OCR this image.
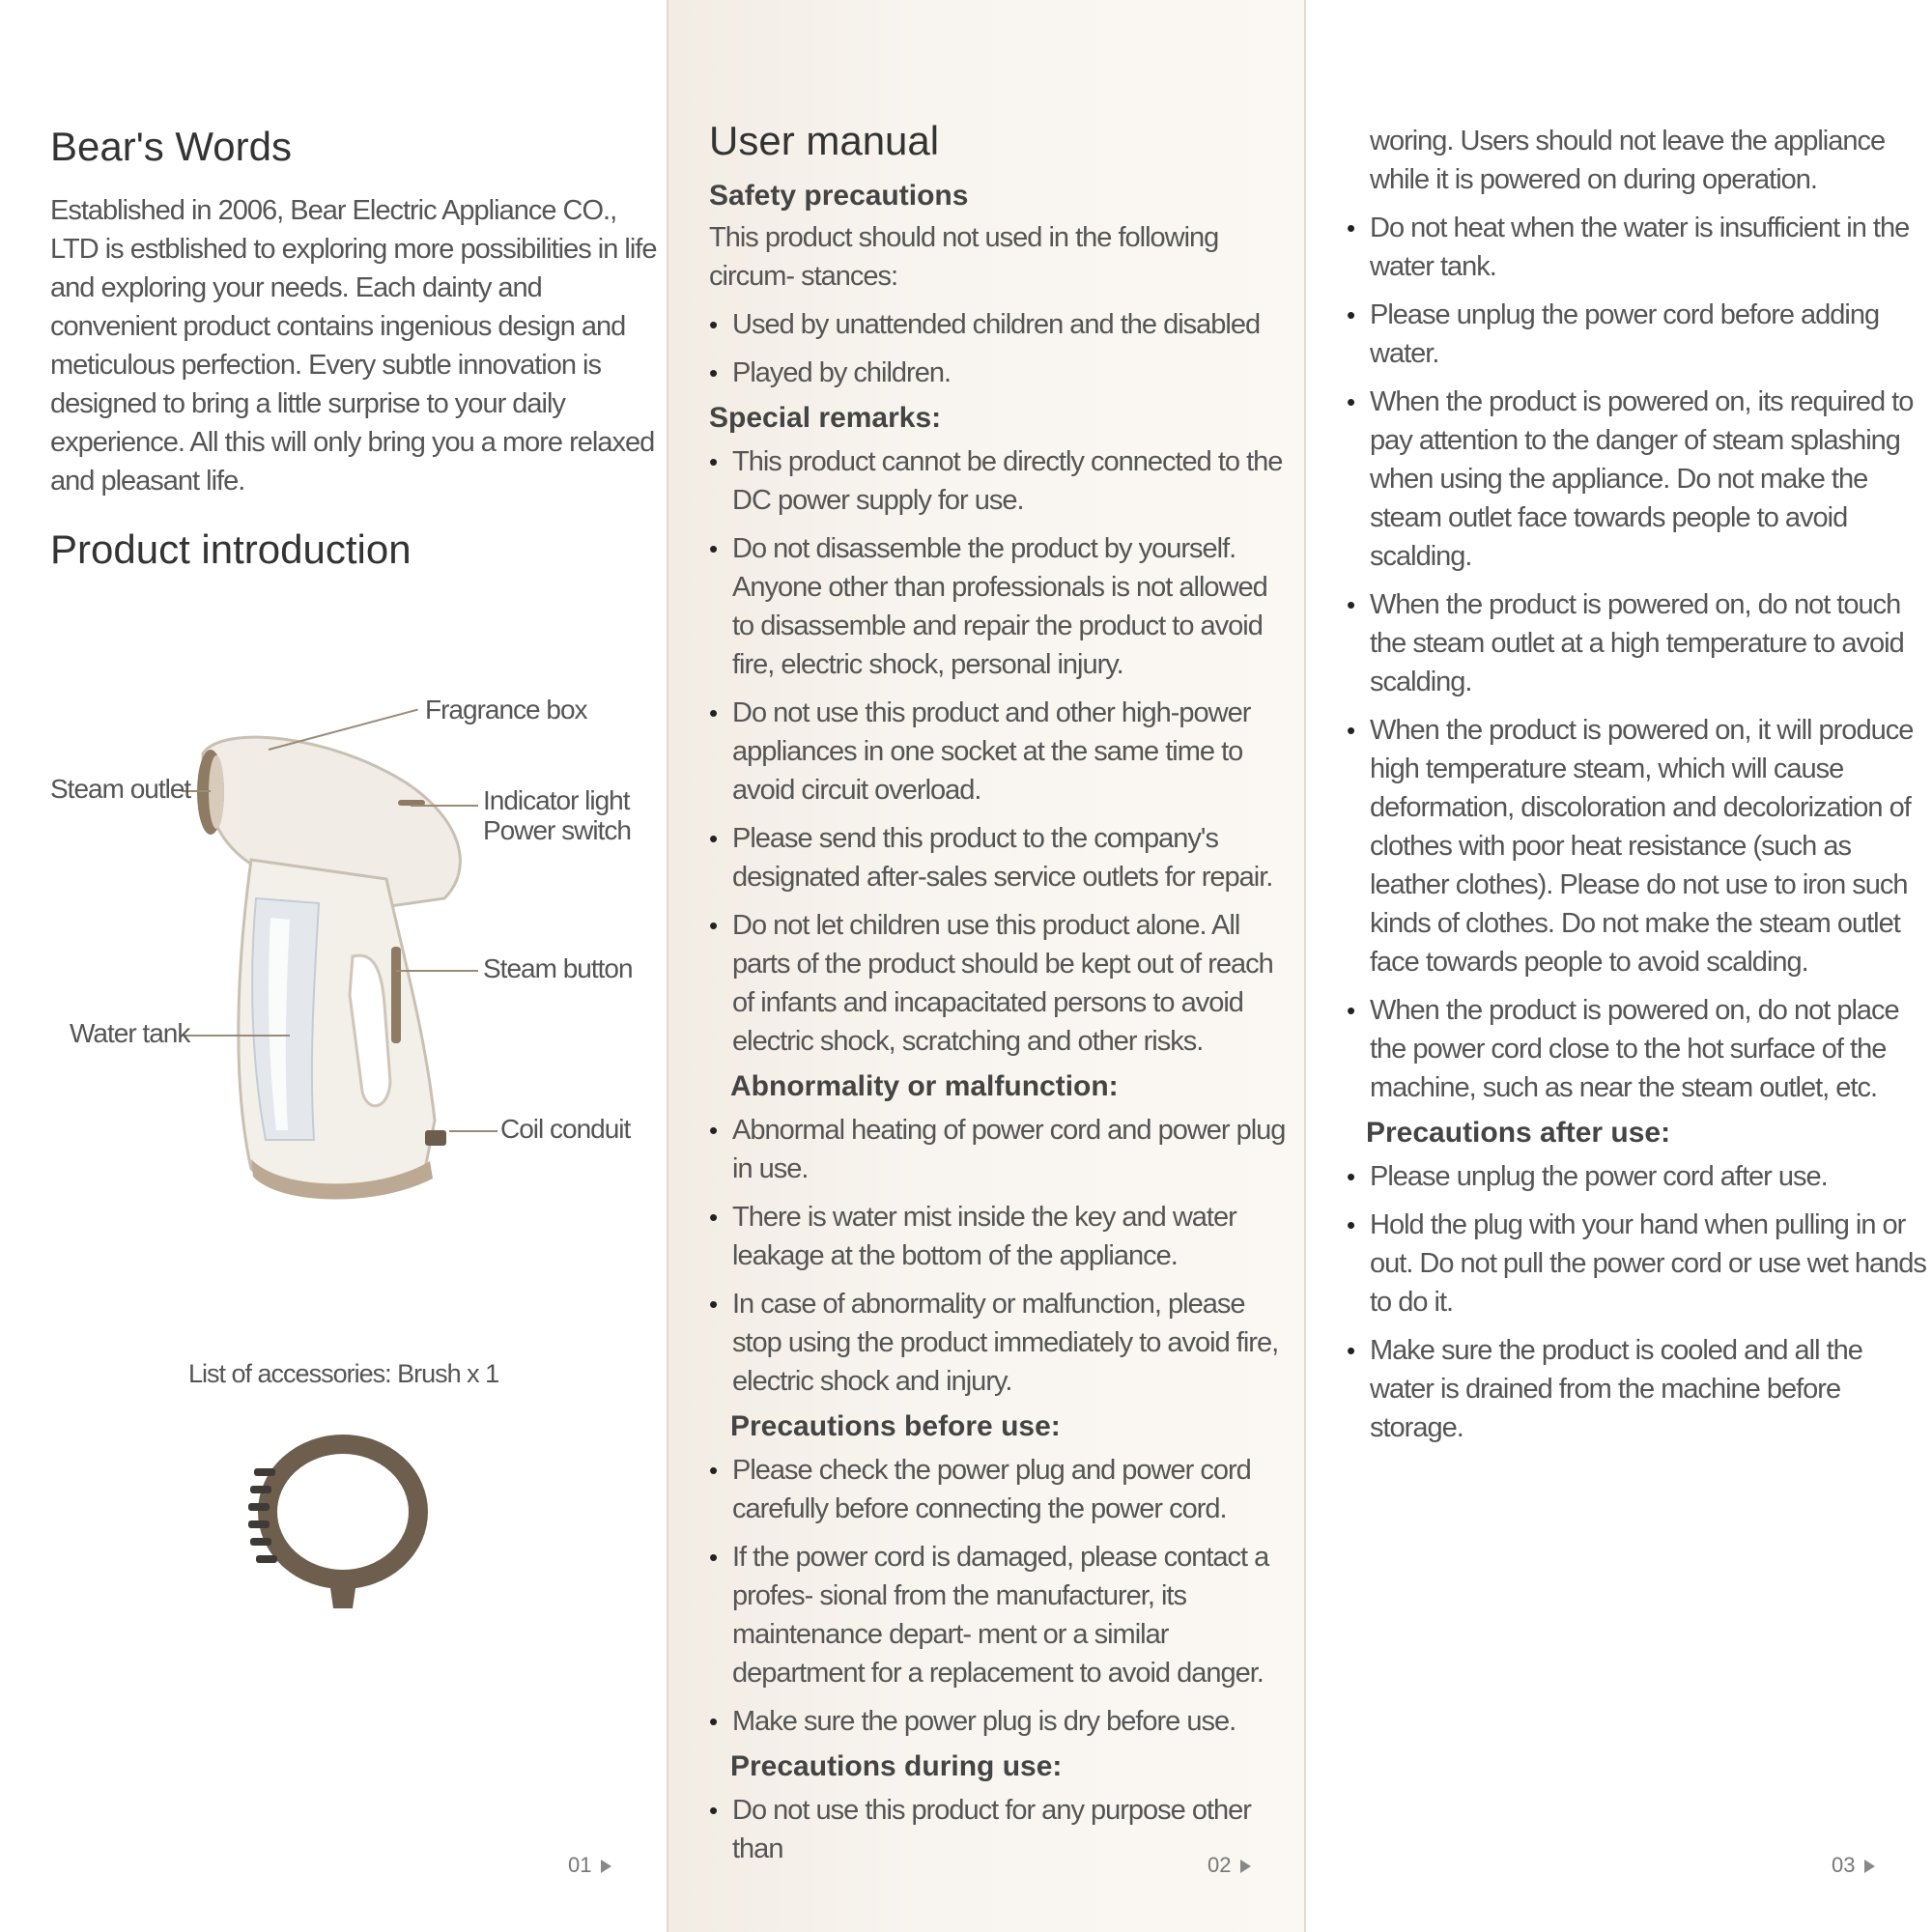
Bear's Words
Established in 2006, Bear Electric Appliance CO., LTD is estblished to exploring more possibilities in life and exploring your needs. Each dainty and convenient product contains ingenious design and meticulous perfection. Every subtle innovation is designed to bring a little surprise to your daily experience. All this will only bring you a more relaxed and pleasant life.
Product introduction
Fragrance box
Steam outlet	Indicator light
Power switch
Steam button
Water tank
Coil conduit
List of accessories: Brush x 1
01
User manual
Safety precautions
This product should not used in the following circum- stances:
• Used by unattended children and the disabled
• Played by children.
Special remarks:
• This product cannot be directly connected to the DC power supply for use.
• Do not disassemble the product by yourself. Anyone other than professionals is not allowed to disassemble and repair the product to avoid fire, electric shock, personal injury.
• Do not use this product and other high-power appliances in one socket at the same time to avoid circuit overload.
• Please send this product to the company's designated after-sales service outlets for repair.
• Do not let children use this product alone. All parts of the product should be kept out of reach of infants and incapacitated persons to avoid electric shock, scratching and other risks.
Abnormality or malfunction:
• Abnormal heating of power cord and power plug in use.
• There is water mist inside the key and water leakage at the bottom of the appliance.
• In case of abnormality or malfunction, please stop using the product immediately to avoid fire, electric shock and injury.
Precautions before use:
• Please check the power plug and power cord carefully before connecting the power cord.
• If the power cord is damaged, please contact a profes- sional from the manufacturer, its maintenance depart- ment or a similar department for a replacement to avoid danger.
• Make sure the power plug is dry before use.
Precautions during use:
• Do not use this product for any purpose other than
02
woring. Users should not leave the appliance while it is powered on during operation.
• Do not heat when the water is insufficient in the water tank.
• Please unplug the power cord before adding water.
• When the product is powered on, its required to pay attention to the danger of steam splashing when using the appliance. Do not make the steam outlet face towards people to avoid scalding.
• When the product is powered on, do not touch the steam outlet at a high temperature to avoid scalding.
• When the product is powered on, it will produce high temperature steam, which will cause deformation, discoloration and decolorization of clothes with poor heat resistance (such as leather clothes). Please do not use to iron such kinds of clothes. Do not make the steam outlet face towards people to avoid scalding.
• When the product is powered on, do not place the power cord close to the hot surface of the machine, such as near the steam outlet, etc.
Precautions after use:
• Please unplug the power cord after use.
• Hold the plug with your hand when pulling in or out. Do not pull the power cord or use wet hands to do it.
• Make sure the product is cooled and all the water is drained from the machine before storage.
03
